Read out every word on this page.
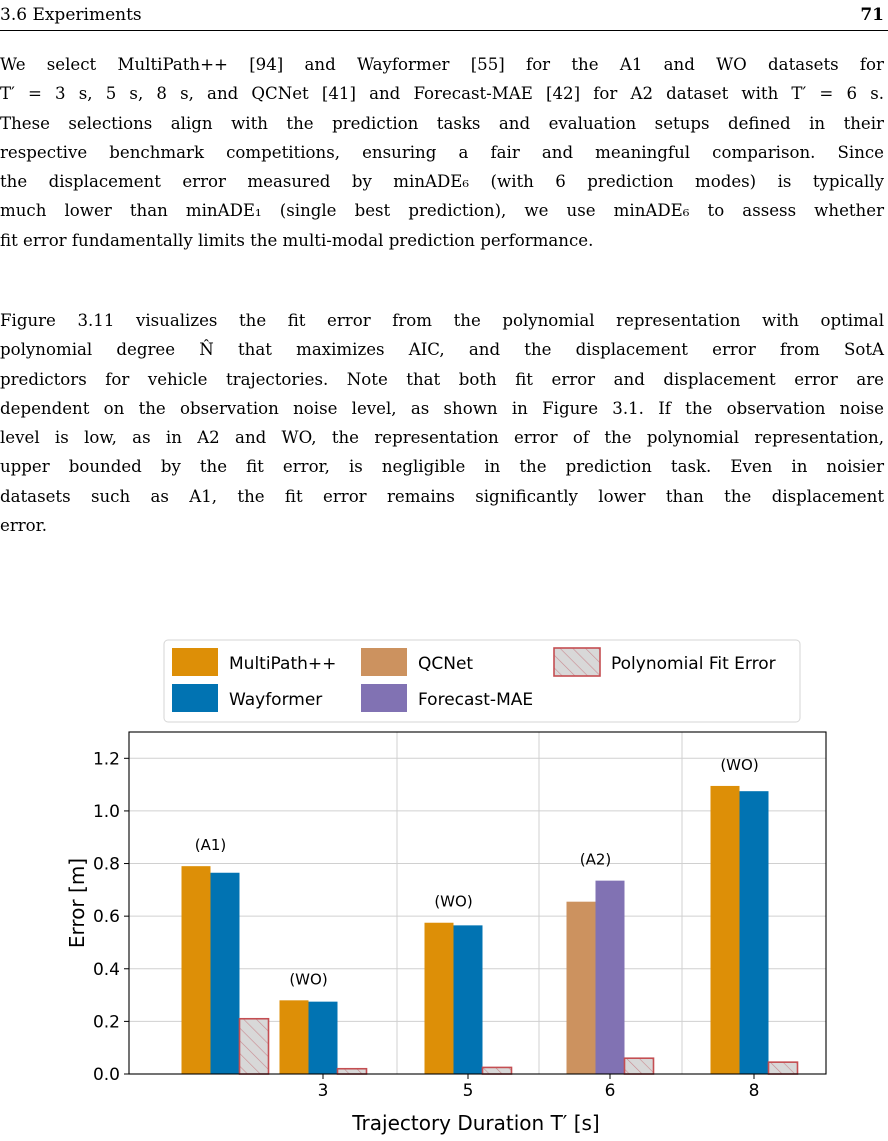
3.6 Experiments	71
We select MultiPath++ [94] and Wayformer [55] for the A1 and WO datasets for
T′ = 3 s, 5 s, 8 s, and QCNet [41] and Forecast-MAE [42] for A2 dataset with T′ = 6 s.
These selections align with the prediction tasks and evaluation setups defined in their
respective benchmark competitions, ensuring a fair and meaningful comparison. Since
the displacement error measured by minADE₆ (with 6 prediction modes) is typically
much lower than minADE₁ (single best prediction), we use minADE₆ to assess whether
fit error fundamentally limits the multi-modal prediction performance.
Figure 3.11 visualizes the fit error from the polynomial representation with optimal
polynomial degree N̂ that maximizes AIC, and the displacement error from SotA
predictors for vehicle trajectories. Note that both fit error and displacement error are
dependent on the observation noise level, as shown in Figure 3.1. If the observation noise
level is low, as in A2 and WO, the representation error of the polynomial representation,
upper bounded by the fit error, is negligible in the prediction task. Even in noisier
datasets such as A1, the fit error remains significantly lower than the displacement
error.
MultiPath++	QCNet	Polynomial Fit Error
Wayformer	Forecast-MAE
(A1)
(WO)
(WO)
(A2)
(WO)
0.0
0.2
0.4
0.6
0.8
1.0
1.2
3	5	6	8
Trajectory Duration T′ [s]
Error [m]
